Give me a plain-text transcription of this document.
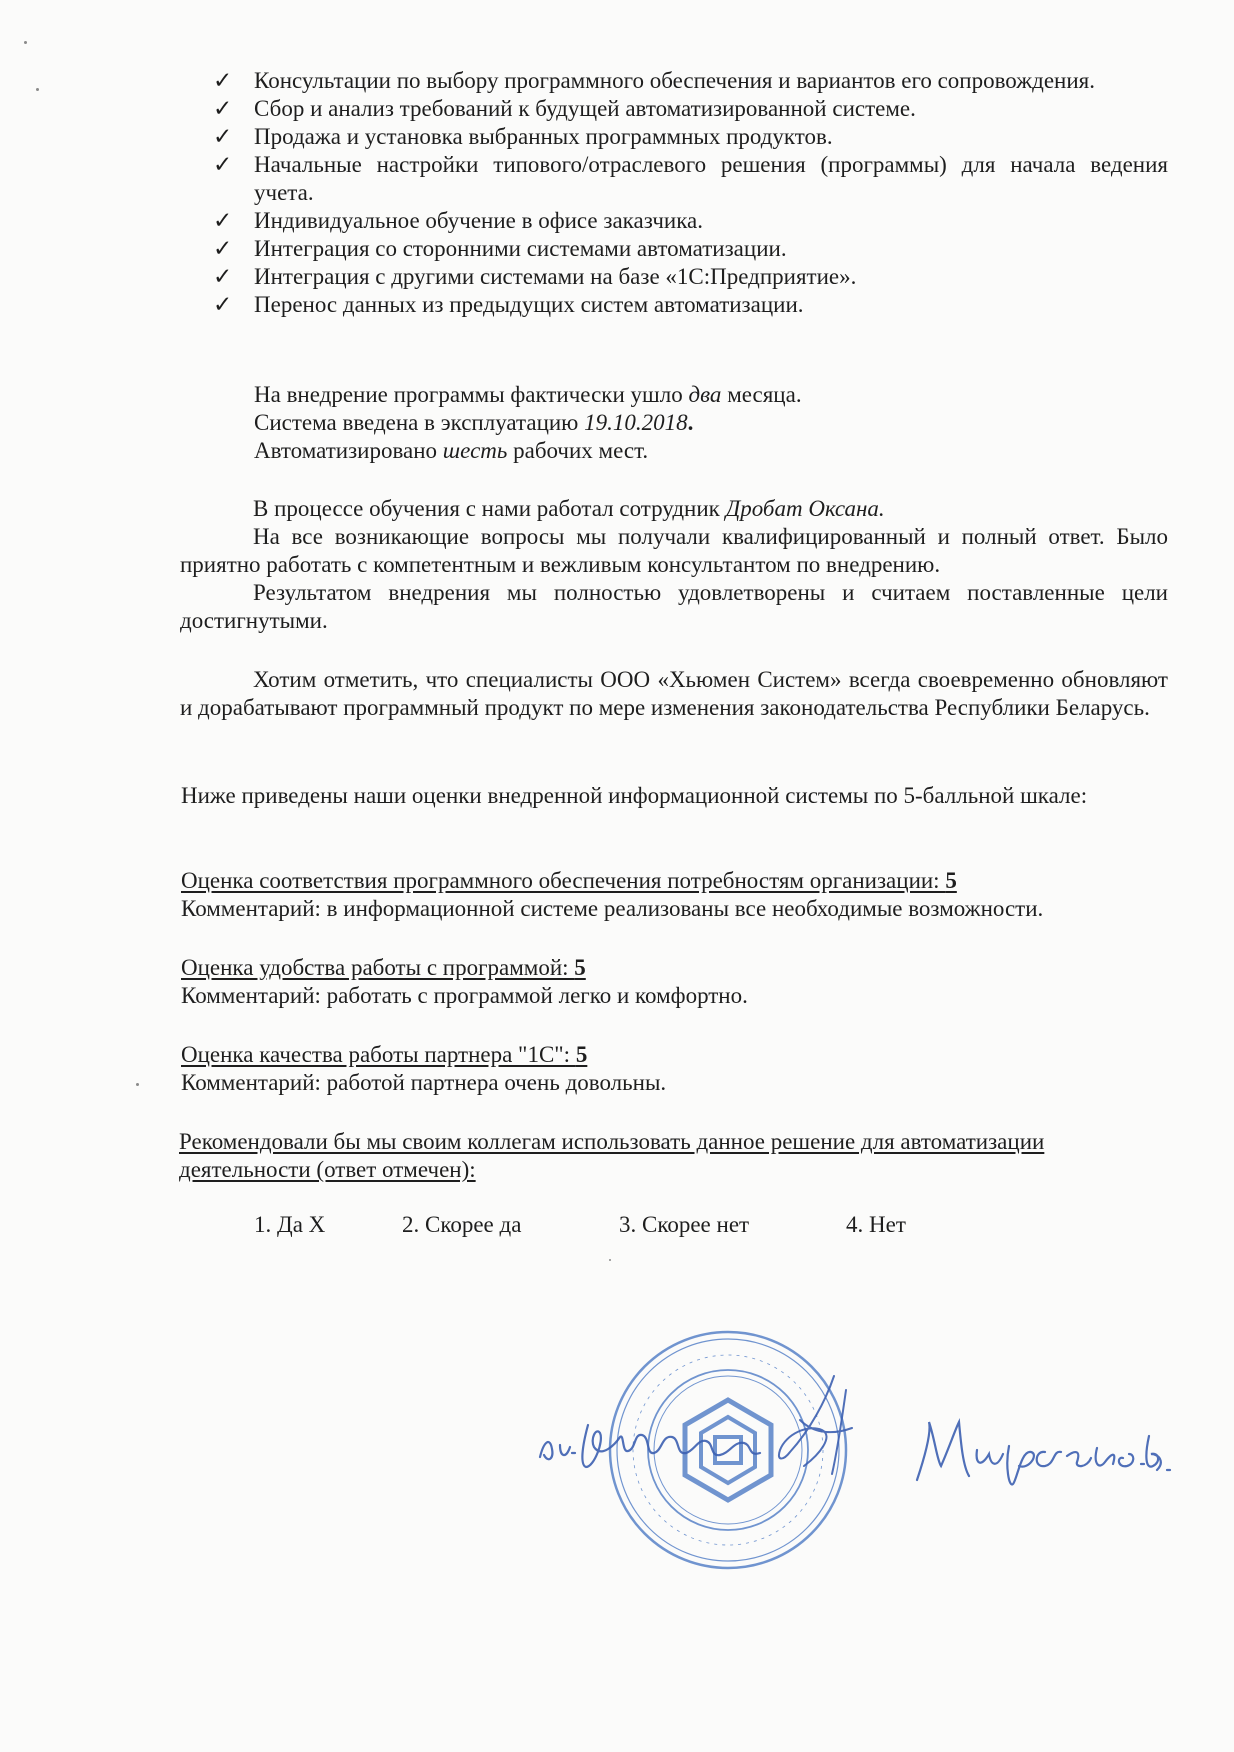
✓ Консультации по выбору программного обеспечения и вариантов его сопровождения.
✓ Сбор и анализ требований к будущей автоматизированной системе.
✓ Продажа и установка выбранных программных продуктов.
✓ Начальные настройки типового/отраслевого решения (программы) для начала ведения учета.
✓ Индивидуальное обучение в офисе заказчика.
✓ Интеграция со сторонними системами автоматизации.
✓ Интеграция с другими системами на базе «1С:Предприятие».
✓ Перенос данных из предыдущих систем автоматизации.
На внедрение программы фактически ушло два месяца.
Система введена в эксплуатацию 19.10.2018.
Автоматизировано шесть рабочих мест.
В процессе обучения с нами работал сотрудник Дробат Оксана.
На все возникающие вопросы мы получали квалифицированный и полный ответ. Было приятно работать с компетентным и вежливым консультантом по внедрению.
Результатом внедрения мы полностью удовлетворены и считаем поставленные цели достигнутыми.
Хотим отметить, что специалисты ООО «Хьюмен Систем» всегда своевременно обновляют и дорабатывают программный продукт по мере изменения законодательства Республики Беларусь.
Ниже приведены наши оценки внедренной информационной системы по 5-балльной шкале:
Оценка соответствия программного обеспечения потребностям организации: 5
Комментарий: в информационной системе реализованы все необходимые возможности.
Оценка удобства работы с программой: 5
Комментарий: работать с программой легко и комфортно.
Оценка качества работы партнера "1С": 5
Комментарий: работой партнера очень довольны.
Рекомендовали бы мы своим коллегам использовать данное решение для автоматизации деятельности (ответ отмечен):
1. Да X	2. Скорее да	3. Скорее нет	4. Нет
